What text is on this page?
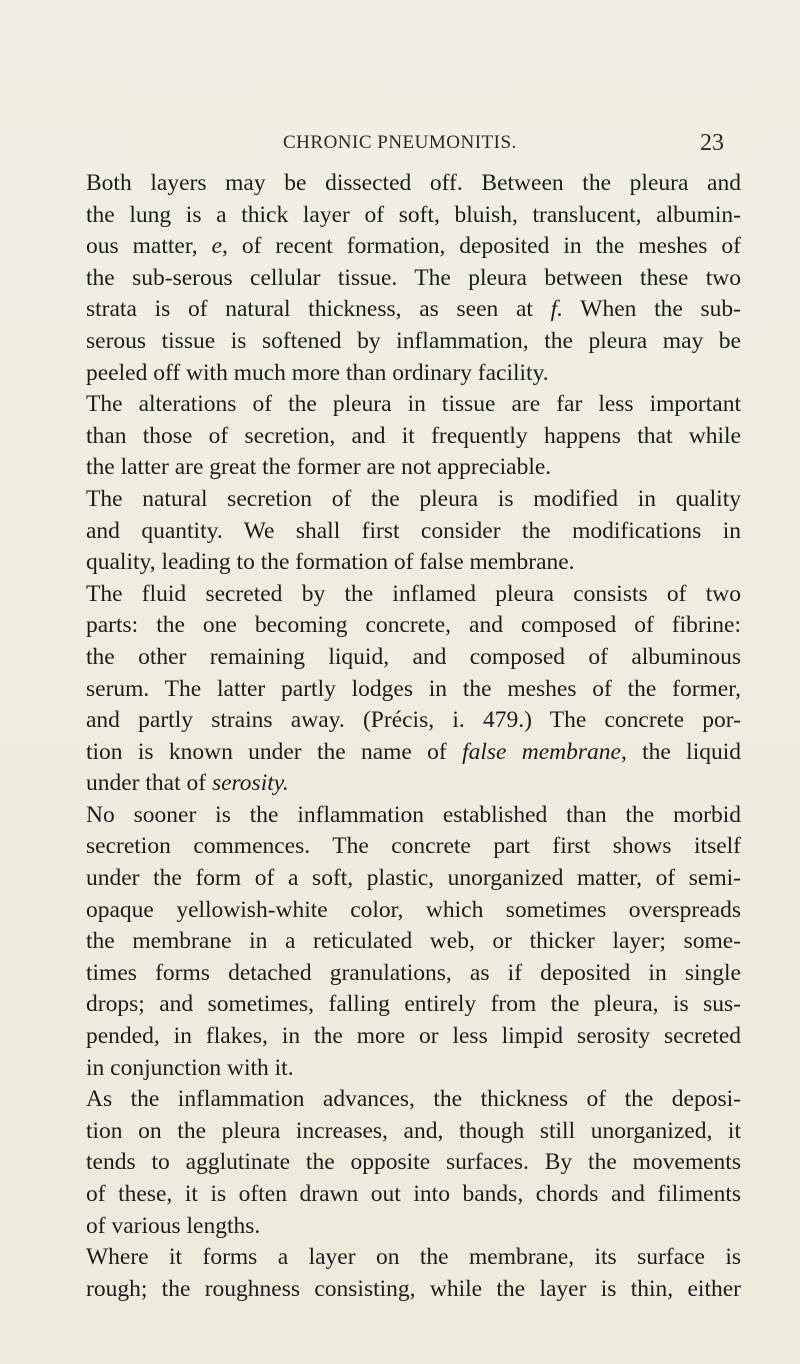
CHRONIC PNEUMONITIS.	23
Both layers may be dissected off. Between the pleura and
the lung is a thick layer of soft, bluish, translucent, albumin-
ous matter, e, of recent formation, deposited in the meshes of
the sub-serous cellular tissue. The pleura between these two
strata is of natural thickness, as seen at f. When the sub-
serous tissue is softened by inflammation, the pleura may be
peeled off with much more than ordinary facility.
The alterations of the pleura in tissue are far less important
than those of secretion, and it frequently happens that while
the latter are great the former are not appreciable.
The natural secretion of the pleura is modified in quality
and quantity. We shall first consider the modifications in
quality, leading to the formation of false membrane.
The fluid secreted by the inflamed pleura consists of two
parts: the one becoming concrete, and composed of fibrine:
the other remaining liquid, and composed of albuminous
serum. The latter partly lodges in the meshes of the former,
and partly strains away. (Précis, i. 479.) The concrete por-
tion is known under the name of false membrane, the liquid
under that of serosity.
No sooner is the inflammation established than the morbid
secretion commences. The concrete part first shows itself
under the form of a soft, plastic, unorganized matter, of semi-
opaque yellowish-white color, which sometimes overspreads
the membrane in a reticulated web, or thicker layer; some-
times forms detached granulations, as if deposited in single
drops; and sometimes, falling entirely from the pleura, is sus-
pended, in flakes, in the more or less limpid serosity secreted
in conjunction with it.
As the inflammation advances, the thickness of the deposi-
tion on the pleura increases, and, though still unorganized, it
tends to agglutinate the opposite surfaces. By the movements
of these, it is often drawn out into bands, chords and filiments
of various lengths.
Where it forms a layer on the membrane, its surface is
rough; the roughness consisting, while the layer is thin, either
